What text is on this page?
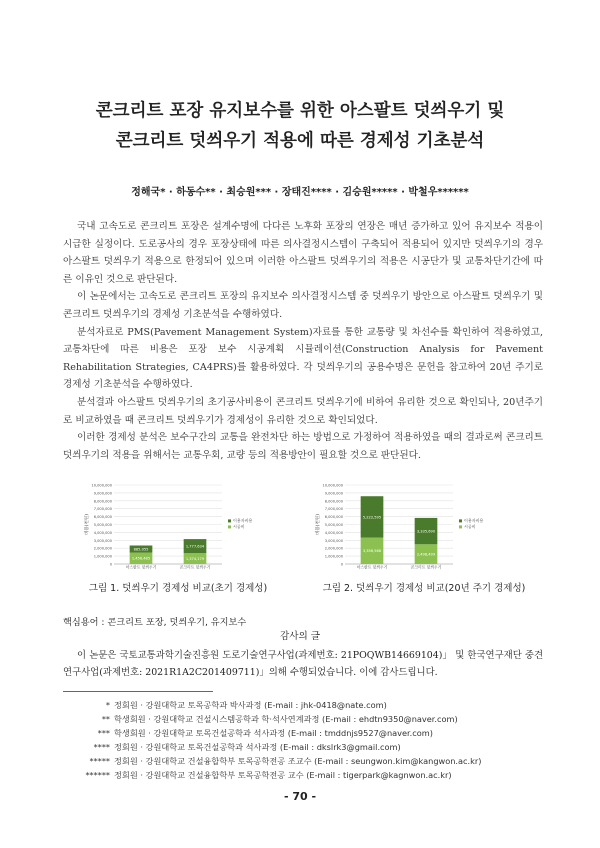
콘크리트 포장 유지보수를 위한 아스팔트 덧씌우기 및
콘크리트 덧씌우기 적용에 따른 경제성 기초분석
정해국* · 하동수** · 최승원*** · 장태진**** · 김승원***** · 박철우******

국내 고속도로 콘크리트 포장은 설계수명에 다다른 노후화 포장의 연장은 매년 증가하고 있어 유지보수 적용이 시급한 실정이다. 도로공사의 경우 포장상태에 따른 의사결정시스템이 구축되어 적용되어 있지만 덧씌우기의 경우 아스팔트 덧씌우기 적용으로 한정되어 있으며 이러한 아스팔트 덧씌우기의 적용은 시공단가 및 교통차단기간에 따른 이유인 것으로 판단된다.

이 논문에서는 고속도로 콘크리트 포장의 유지보수 의사결정시스템 중 덧씌우기 방안으로 아스팔트 덧씌우기 및 콘크리트 덧씌우기의 경제성 기초분석을 수행하였다.

분석자료로 PMS(Pavement Management System)자료를 통한 교통량 및 차선수를 확인하여 적용하였고, 교통차단에 따른 비용은 포장 보수 시공계획 시뮬레이션(Construction Analysis for Pavement Rehabilitation Strategies, CA4PRS)를 활용하였다. 각 덧씌우기의 공용수명은 문헌을 참고하여 20년 주기로 경제성 기초분석을 수행하였다.

분석결과 아스팔트 덧씌우기의 초기공사비용이 콘크리트 덧씌우기에 비하여 유리한 것으로 확인되나, 20년주기로 비교하였을 때 콘크리트 덧씌우기가 경제성이 유리한 것으로 확인되었다.

이러한 경제성 분석은 보수구간의 교통을 완전차단 하는 방법으로 가정하여 적용하였을 때의 결과로써 콘크리트 덧씌우기의 적용을 위해서는 교통우회, 교량 등의 적용방안이 필요할 것으로 판단된다.

0
1,000,000
2,000,000
3,000,000
4,000,000
5,000,000
6,000,000
7,000,000
8,000,000
9,000,000
10,000,000
비용(천원)
1,456,485
885,055
아스팔트 덧씌우기
1,374,179
1,777,634
콘크리트 덧씌우기
이용자비용
시공비
그림 1. 덧씌우기 경제성 비교(초기 경제성)
0
1,000,000
2,000,000
3,000,000
4,000,000
5,000,000
6,000,000
7,000,000
8,000,000
9,000,000
10,000,000
비용(천원)
3,356,568
5,222,595
아스팔트 덧씌우기
2,498,499
3,335,690
콘크리트 덧씌우기
이용자비용
시공비
그림 2. 덧씌우기 경제성 비교(20년 주기 경제성)
핵심용어 : 콘크리트 포장, 덧씌우기, 유지보수
감사의 글

이 논문은 국토교통과학기술진흥원 도로기술연구사업(과제번호: 21POQWB14669104)」 및 한국연구재단 중견연구사업(과제번호: 2021R1A2C201409711)」의해 수행되었습니다. 이에 감사드립니다.

* 정회원 · 강원대학교 토목공학과 박사과정 (E-mail : jhk-0418@nate.com)
** 학생회원 · 강원대학교 건설시스템공학과 학·석사연계과정 (E-mail : ehdtn9350@naver.com)
*** 학생회원 · 강원대학교 토목건설공학과 석사과정 (E-mail : tmddnjs9527@naver.com)
**** 정회원 · 강원대학교 토목건설공학과 석사과정 (E-mail : dkslrk3@gmail.com)
***** 정회원 · 강원대학교 건설융합학부 토목공학전공 조교수 (E-mail : seungwon.kim@kangwon.ac.kr)
****** 정회원 · 강원대학교 건설융합학부 토목공학전공 교수 (E-mail : tigerpark@kagnwon.ac.kr)
- 70 -
